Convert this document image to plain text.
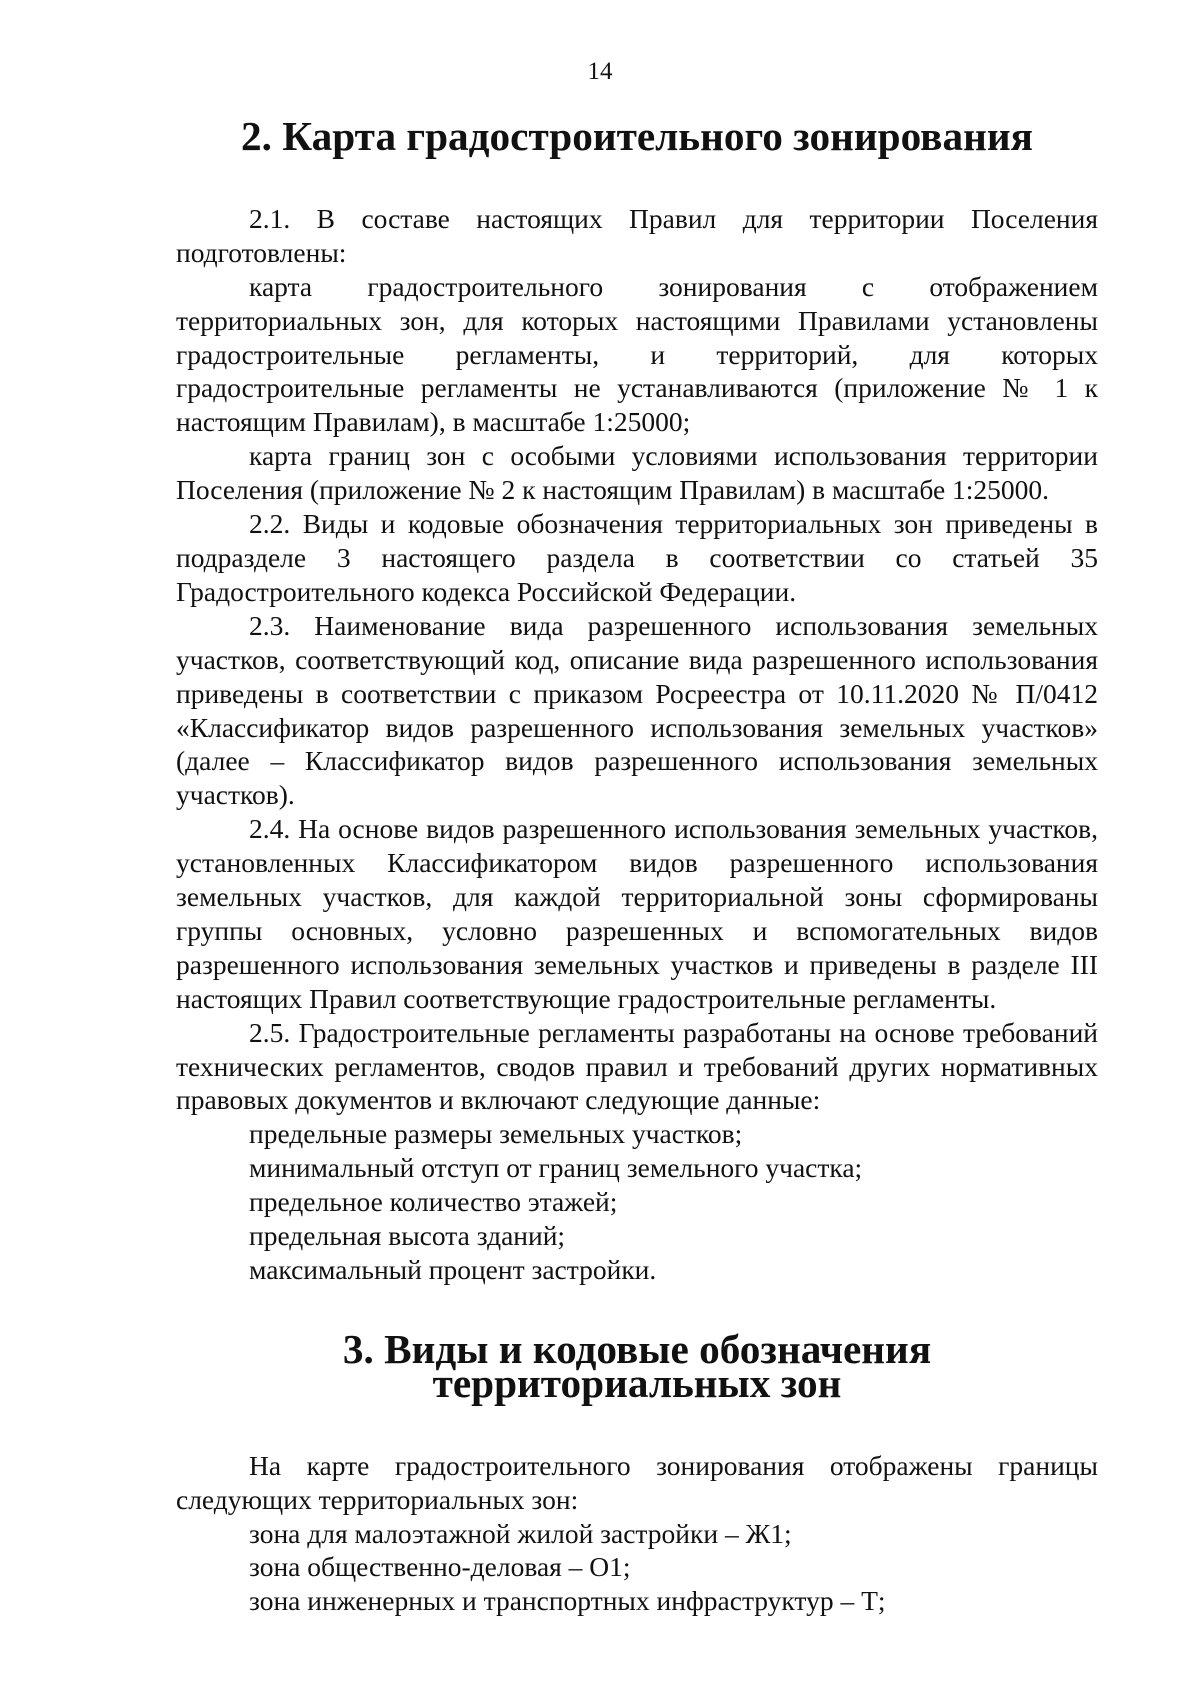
14
2. Карта градостроительного зонирования

2.1. В составе настоящих Правил для территории Поселения подготовлены:

карта градостроительного зонирования с отображением территориальных зон, для которых настоящими Правилами установлены градостроительные регламенты, и территорий, для которых градостроительные регламенты не устанавливаются (приложение № 1 к настоящим Правилам), в масштабе 1:25000;

карта границ зон с особыми условиями использования территории Поселения (приложение № 2 к настоящим Правилам) в масштабе 1:25000.

2.2. Виды и кодовые обозначения территориальных зон приведены в подразделе 3 настоящего раздела в соответствии со статьей 35 Градостроительного кодекса Российской Федерации.

2.3. Наименование вида разрешенного использования земельных участков, соответствующий код, описание вида разрешенного использования приведены в соответствии с приказом Росреестра от 10.11.2020 № П/0412 «Классификатор видов разрешенного использования земельных участков» (далее – Классификатор видов разрешенного использования земельных участков).

2.4. На основе видов разрешенного использования земельных участков, установленных Классификатором видов разрешенного использования земельных участков, для каждой территориальной зоны сформированы группы основных, условно разрешенных и вспомогательных видов разрешенного использования земельных участков и приведены в разделе III настоящих Правил соответствующие градостроительные регламенты.

2.5. Градостроительные регламенты разработаны на основе требований технических регламентов, сводов правил и требований других нормативных правовых документов и включают следующие данные:

предельные размеры земельных участков;

минимальный отступ от границ земельного участка;

предельное количество этажей;

предельная высота зданий;

максимальный процент застройки.

3. Виды и кодовые обозначения территориальных зон

На карте градостроительного зонирования отображены границы следующих территориальных зон:

зона для малоэтажной жилой застройки – Ж1;

зона общественно-деловая – О1;

зона инженерных и транспортных инфраструктур – Т;
